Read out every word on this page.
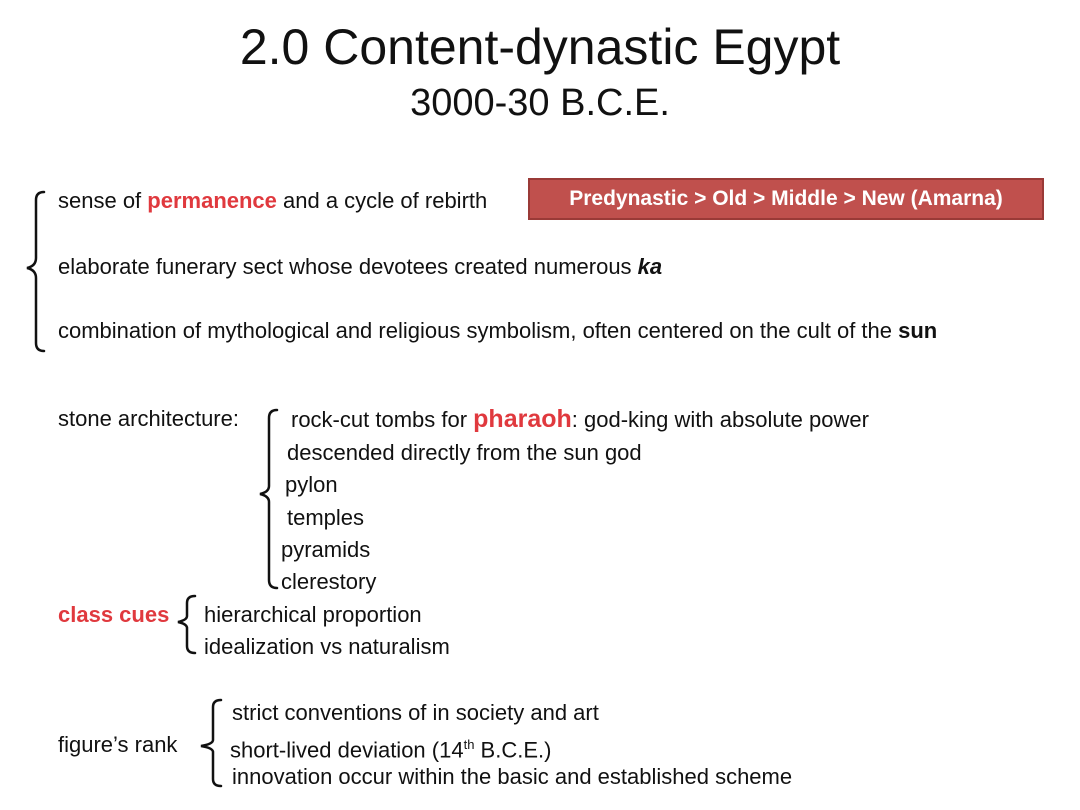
2.0 Content-dynastic Egypt
3000-30 B.C.E.
sense of permanence and a cycle of rebirth	Predynastic > Old > Middle > New (Amarna)
elaborate funerary sect whose devotees created numerous ka
combination of mythological and religious symbolism, often centered on the cult of the sun
stone architecture: rock-cut tombs for pharaoh: god-king with absolute power
descended directly from the sun god
pylon
temples
pyramids
clerestory
class cues hierarchical proportion
idealization vs naturalism
strict conventions of in society and art
figure’s rank short-lived deviation (14th B.C.E.)
innovation occur within the basic and established scheme
